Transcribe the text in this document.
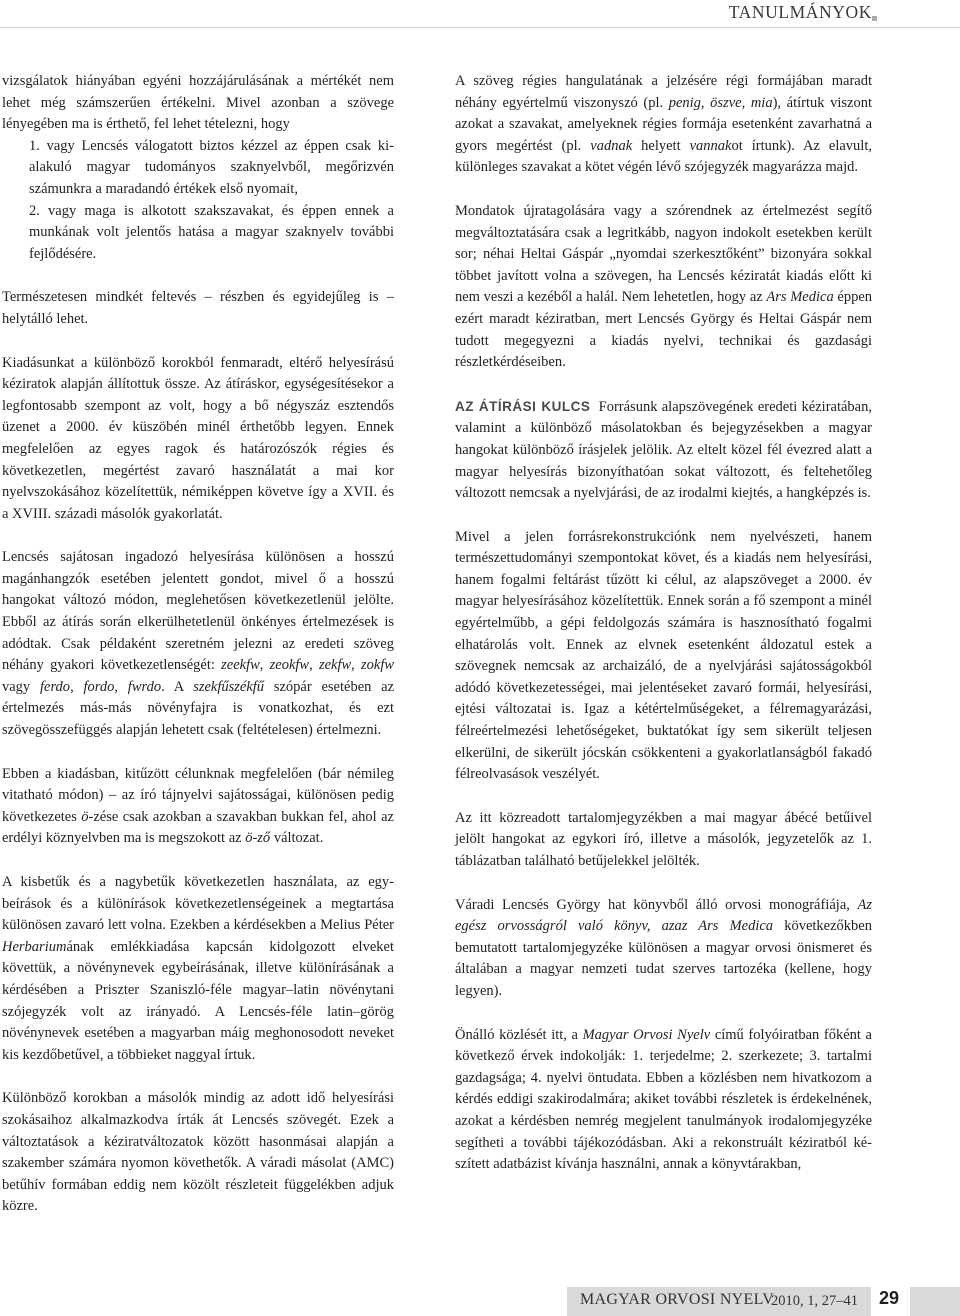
TANULMÁNYOK

vizsgálatok hiányában egyéni hozzájárulásának a mértékét nem lehet még számszerűen értékelni. Mivel azonban a szövege lényegében ma is érthető, fel lehet tételezni, hogy

1. vagy Lencsés válogatott biztos kézzel az éppen csak kialakuló magyar tudományos szaknyelvből, megőrizvén számunkra a maradandó értékek első nyomait,

2. vagy maga is alkotott szakszavakat, és éppen ennek a munkának volt jelentős hatása a magyar szaknyelv további fejlődésére.

Természetesen mindkét feltevés – részben és egyidejűleg is – helytálló lehet.

Kiadásunkat a különböző korokból fenmaradt, eltérő helyesírású kéziratok alapján állítottuk össze. Az átíráskor, egységesítésekor a legfontosabb szempont az volt, hogy a bő négyszáz esztendős üzenet a 2000. év küszöbén minél érthetőbb legyen. Ennek megfelelően az egyes ragok és határozószók régies és következetlen, megértést zavaró használatát a mai kor nyelvszokásához közelítettük, némiképpen követve így a XVII. és a XVIII. századi másolók gyakorlatát.

Lencsés sajátosan ingadozó helyesírása különösen a hosszú magánhangzók esetében jelentett gondot, mivel ő a hosszú hangokat változó módon, meglehetősen következetlenül jelölte. Ebből az átírás során elkerülhetetlenül önkényes értelmezések is adódtak. Csak példaként szeretném jelezni az eredeti szöveg néhány gyakori következetlenségét: zeekfw, zeokfw, zekfw, zokfw vagy ferdo, fordo, fwrdo. A szekfűszékfű szópár esetében az értelmezés más-más növényfajra is vonatkozhat, és ezt szövegösszefüggés alapján lehetett csak (feltételesen) értelmezni.

Ebben a kiadásban, kitűzött célunknak megfelelően (bár némileg vitatható módon) – az író tájnyelvi sajátosságai, különösen pedig következetes ö-zése csak azokban a szavakban bukkan fel, ahol az erdélyi köznyelvben ma is megszokott az ö-ző változat.

A kisbetűk és a nagybetűk következetlen használata, az egybeírások és a különírások következetlenségeinek a megtartása különösen zavaró lett volna. Ezekben a kérdésekben a Melius Péter Herbariumának emlékkiadása kapcsán kidolgozott elveket követtük, a növénynevek egybeírásának, illetve különírásának a kérdésében a Priszter Szaniszló-féle magyar–latin növénytani szójegyzék volt az irányadó. A Lencsés-féle latin–görög növénynevek esetében a magyarban máig meghonosodott neveket kis kezdőbetűvel, a többieket naggyal írtuk.

Különböző korokban a másolók mindig az adott idő helyesírási szokásaihoz alkalmazkodva írták át Lencsés szövegét. Ezek a változtatások a kéziratváltozatok között hasonmásai alapján a szakember számára nyomon követhetők. A váradi másolat (AMC) betűhív formában eddig nem közölt részleteit függelékben adjuk közre.

A szöveg régies hangulatának a jelzésére régi formájában maradt néhány egyértelmű viszonyszó (pl. penig, öszve, mia), átírtuk viszont azokat a szavakat, amelyeknek régies formája esetenként zavarhatná a gyors megértést (pl. vadnak helyett vannakot írtunk). Az elavult, különleges szavakat a kötet végén lévő szójegyzék magyarázza majd.

Mondatok újratagolására vagy a szórendnek az értelmezést segítő megváltoztatására csak a legritkább, nagyon indokolt esetekben került sor; néhai Heltai Gáspár „nyomdai szerkesztőként” bizonyára sokkal többet javított volna a szövegen, ha Lencsés kéziratát kiadás előtt ki nem veszi a kezéből a halál. Nem lehetetlen, hogy az Ars Medica éppen ezért maradt kéziratban, mert Lencsés György és Heltai Gáspár nem tudott megegyezni a kiadás nyelvi, technikai és gazdasági részletkérdéseiben.

AZ ÁTÍRÁSI KULCS Forrásunk alapszövegének eredeti kéziratában, valamint a különböző másolatokban és bejegyzésekben a magyar hangokat különböző írásjelek jelölik. Az eltelt közel fél évezred alatt a magyar helyesírás bizonyíthatóan sokat változott, és feltehetőleg változott nemcsak a nyelvjárási, de az irodalmi kiejtés, a hangképzés is.

Mivel a jelen forrásrekonstrukciónk nem nyelvészeti, hanem természettudományi szempontokat követ, és a kiadás nem helyesírási, hanem fogalmi feltárást tűzött ki célul, az alapszöveget a 2000. év magyar helyesírásához közelítettük. Ennek során a fő szempont a minél egyértelműbb, a gépi feldolgozás számára is hasznosítható fogalmi elhatárolás volt. Ennek az elvnek esetenként áldozatul estek a szövegnek nemcsak az archaizáló, de a nyelvjárási sajátosságokból adódó következetességei, mai jelentéseket zavaró formái, helyesírási, ejtési változatai is. Igaz a kétértelműségeket, a félremagyarázási, félreértelmezési lehetőségeket, buktatókat így sem sikerült teljesen elkerülni, de sikerült jócskán csökkenteni a gyakorlatlanságból fakadó félreolvasások veszélyét.

Az itt közreadott tartalomjegyzékben a mai magyar ábécé betűivel jelölt hangokat az egykori író, illetve a másolók, jegyzetelők az 1. táblázatban található betűjelekkel jelölték.

Váradi Lencsés György hat könyvből álló orvosi monográfiája, Az egész orvosságról való könyv, azaz Ars Medica következőkben bemutatott tartalomjegyzéke különösen a magyar orvosi önismeret és általában a magyar nemzeti tudat szerves tartozéka (kellene, hogy legyen).

Önálló közlését itt, a Magyar Orvosi Nyelv című folyóiratban főként a következő érvek indokolják: 1. terjedelme; 2. szerkezete; 3. tartalmi gazdagsága; 4. nyelvi öntudata. Ebben a közlésben nem hivatkozom a kérdés eddigi szakirodalmára; akiket további részletek is érdekelnének, azokat a kérdésben nemrég megjelent tanulmányok irodalomjegyzéke segítheti a további tájékozódásban. Aki a rekonstruált kéziratból készített adatbázist kívánja használni, annak a könyvtárakban,

MAGYAR ORVOSI NYELV
2010, 1, 27–41 29
